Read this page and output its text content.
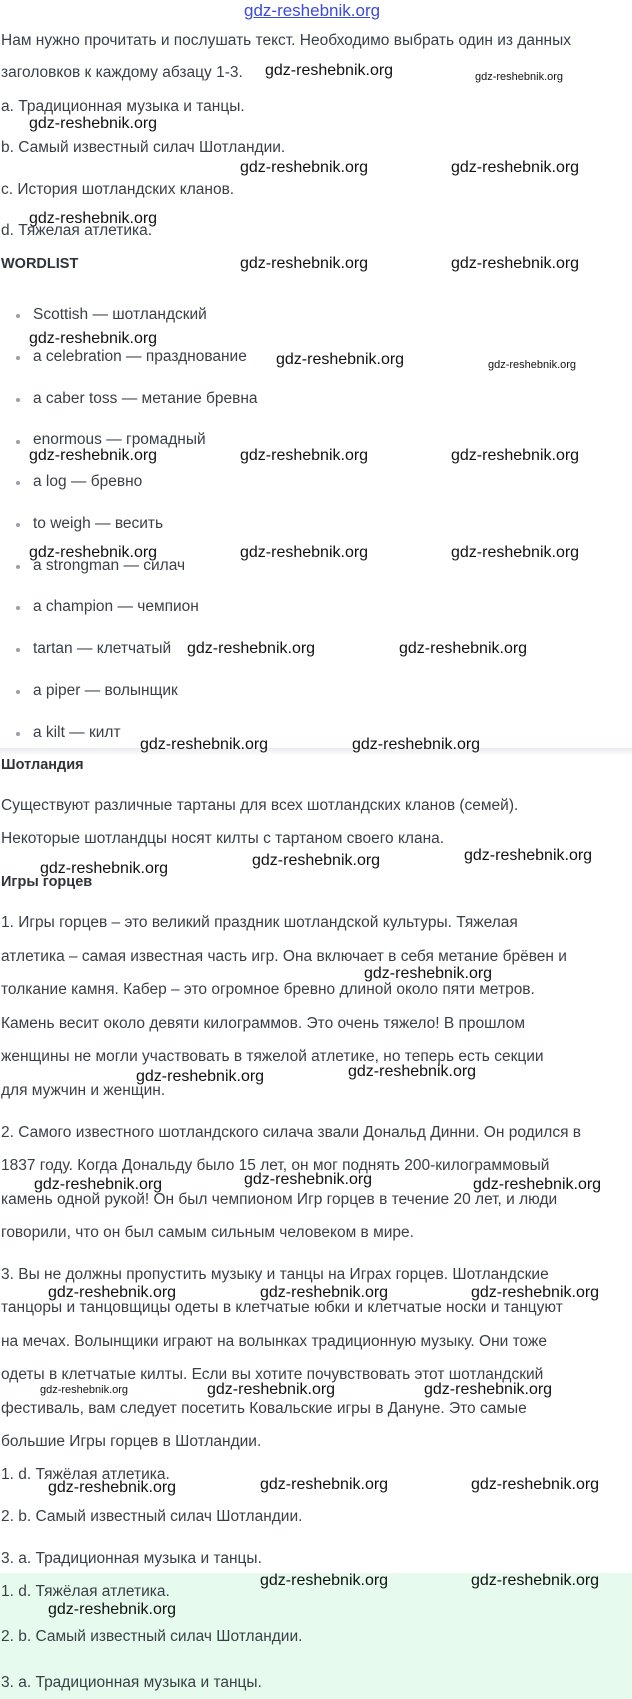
gdz-reshebnik.org
Нам нужно прочитать и послушать текст. Необходимо выбрать один из данных
заголовков к каждому абзацу 1-3.
a. Традиционная музыка и танцы.
b. Самый известный силач Шотландии.
c. История шотландских кланов.
d. Тяжелая атлетика.
WORDLIST
Scottish — шотландский
a celebration — празднование
a caber toss — метание бревна
enormous — громадный
a log — бревно
to weigh — весить
a strongman — силач
a champion — чемпион
tartan — клетчатый
a piper — волынщик
a kilt — килт
Шотландия
Существуют различные тартаны для всех шотландских кланов (семей).
Некоторые шотландцы носят килты с тартаном своего клана.
Игры горцев
1. Игры горцев – это великий праздник шотландской культуры. Тяжелая
атлетика – самая известная часть игр. Она включает в себя метание брёвен и
толкание камня. Кабер – это огромное бревно длиной около пяти метров.
Камень весит около девяти килограммов. Это очень тяжело! В прошлом
женщины не могли участвовать в тяжелой атлетике, но теперь есть секции
для мужчин и женщин.
2. Самого известного шотландского силача звали Дональд Динни. Он родился в
1837 году. Когда Дональду было 15 лет, он мог поднять 200-килограммовый
камень одной рукой! Он был чемпионом Игр горцев в течение 20 лет, и люди
говорили, что он был самым сильным человеком в мире.
3. Вы не должны пропустить музыку и танцы на Играх горцев. Шотландские
танцоры и танцовщицы одеты в клетчатые юбки и клетчатые носки и танцуют
на мечах. Волынщики играют на волынках традиционную музыку. Они тоже
одеты в клетчатые килты. Если вы хотите почувствовать этот шотландский
фестиваль, вам следует посетить Ковальские игры в Дануне. Это самые
большие Игры горцев в Шотландии.
1. d. Тяжёлая атлетика.
2. b. Самый известный силач Шотландии.
3. a. Традиционная музыка и танцы.
1. d. Тяжёлая атлетика.
2. b. Самый известный силач Шотландии.
3. a. Традиционная музыка и танцы.
gdz-reshebnik.org	gdz-reshebnik.org
gdz-reshebnik.org
gdz-reshebnik.org	gdz-reshebnik.org
gdz-reshebnik.org
gdz-reshebnik.org	gdz-reshebnik.org
gdz-reshebnik.org
gdz-reshebnik.org	gdz-reshebnik.org
gdz-reshebnik.org	gdz-reshebnik.org	gdz-reshebnik.org
gdz-reshebnik.org	gdz-reshebnik.org	gdz-reshebnik.org
gdz-reshebnik.org	gdz-reshebnik.org
gdz-reshebnik.org	gdz-reshebnik.org
gdz-reshebnik.org	gdz-reshebnik.org	gdz-reshebnik.org
gdz-reshebnik.org
gdz-reshebnik.org	gdz-reshebnik.org
gdz-reshebnik.org	gdz-reshebnik.org	gdz-reshebnik.org
gdz-reshebnik.org	gdz-reshebnik.org	gdz-reshebnik.org
gdz-reshebnik.org	gdz-reshebnik.org	gdz-reshebnik.org
gdz-reshebnik.org	gdz-reshebnik.org	gdz-reshebnik.org
gdz-reshebnik.org	gdz-reshebnik.org
gdz-reshebnik.org
